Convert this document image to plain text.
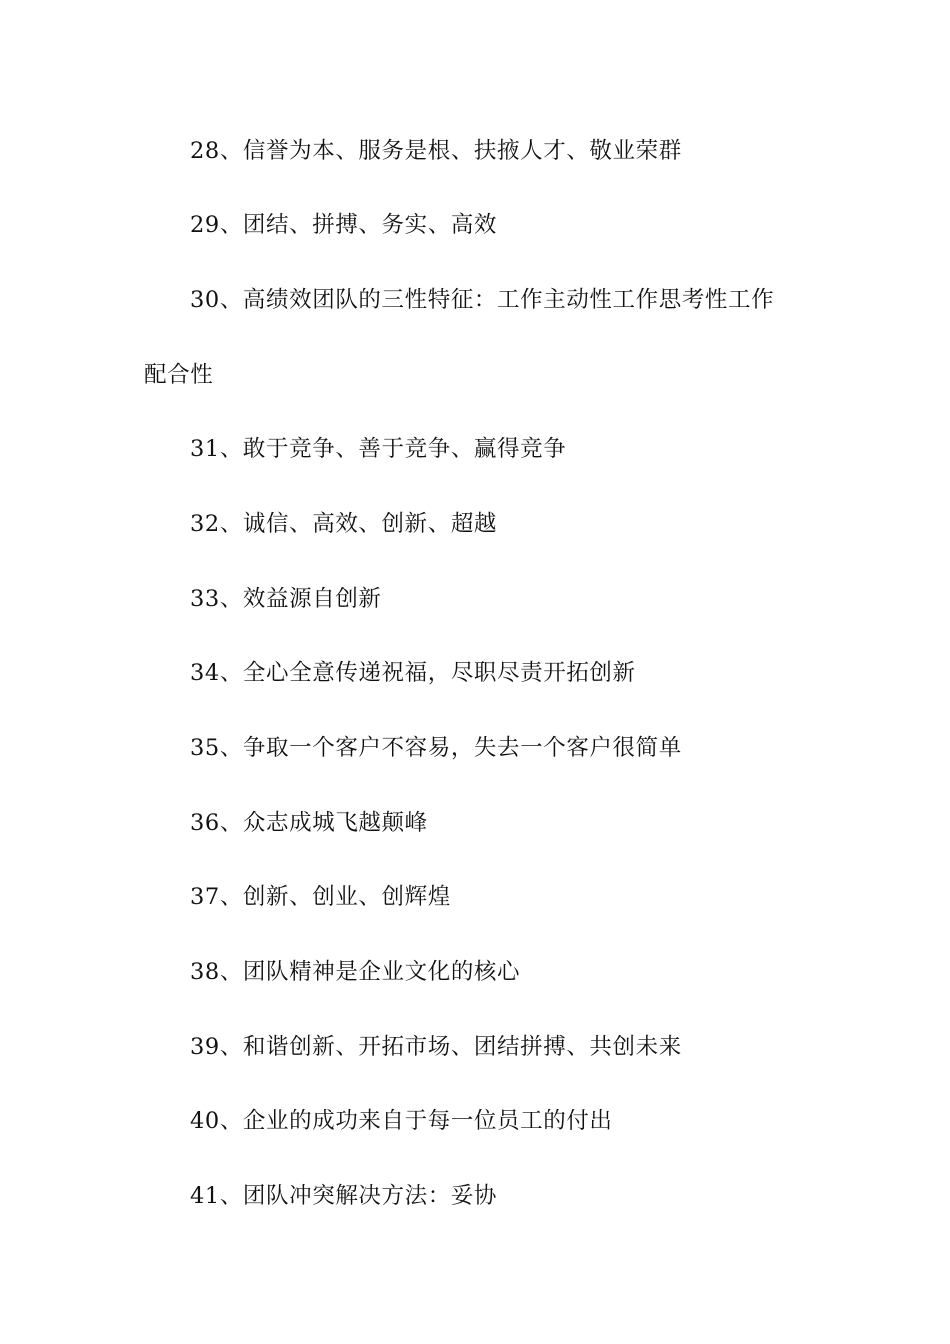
28、信誉为本、服务是根、扶掖人才、敬业荣群
29、团结、拼搏、务实、高效
30、高绩效团队的三性特征：工作主动性工作思考性工作
配合性
31、敢于竞争、善于竞争、赢得竞争
32、诚信、高效、创新、超越
33、效益源自创新
34、全心全意传递祝福，尽职尽责开拓创新
35、争取一个客户不容易，失去一个客户很简单
36、众志成城飞越颠峰
37、创新、创业、创辉煌
38、团队精神是企业文化的核心
39、和谐创新、开拓市场、团结拼搏、共创未来
40、企业的成功来自于每一位员工的付出
41、团队冲突解决方法：妥协
